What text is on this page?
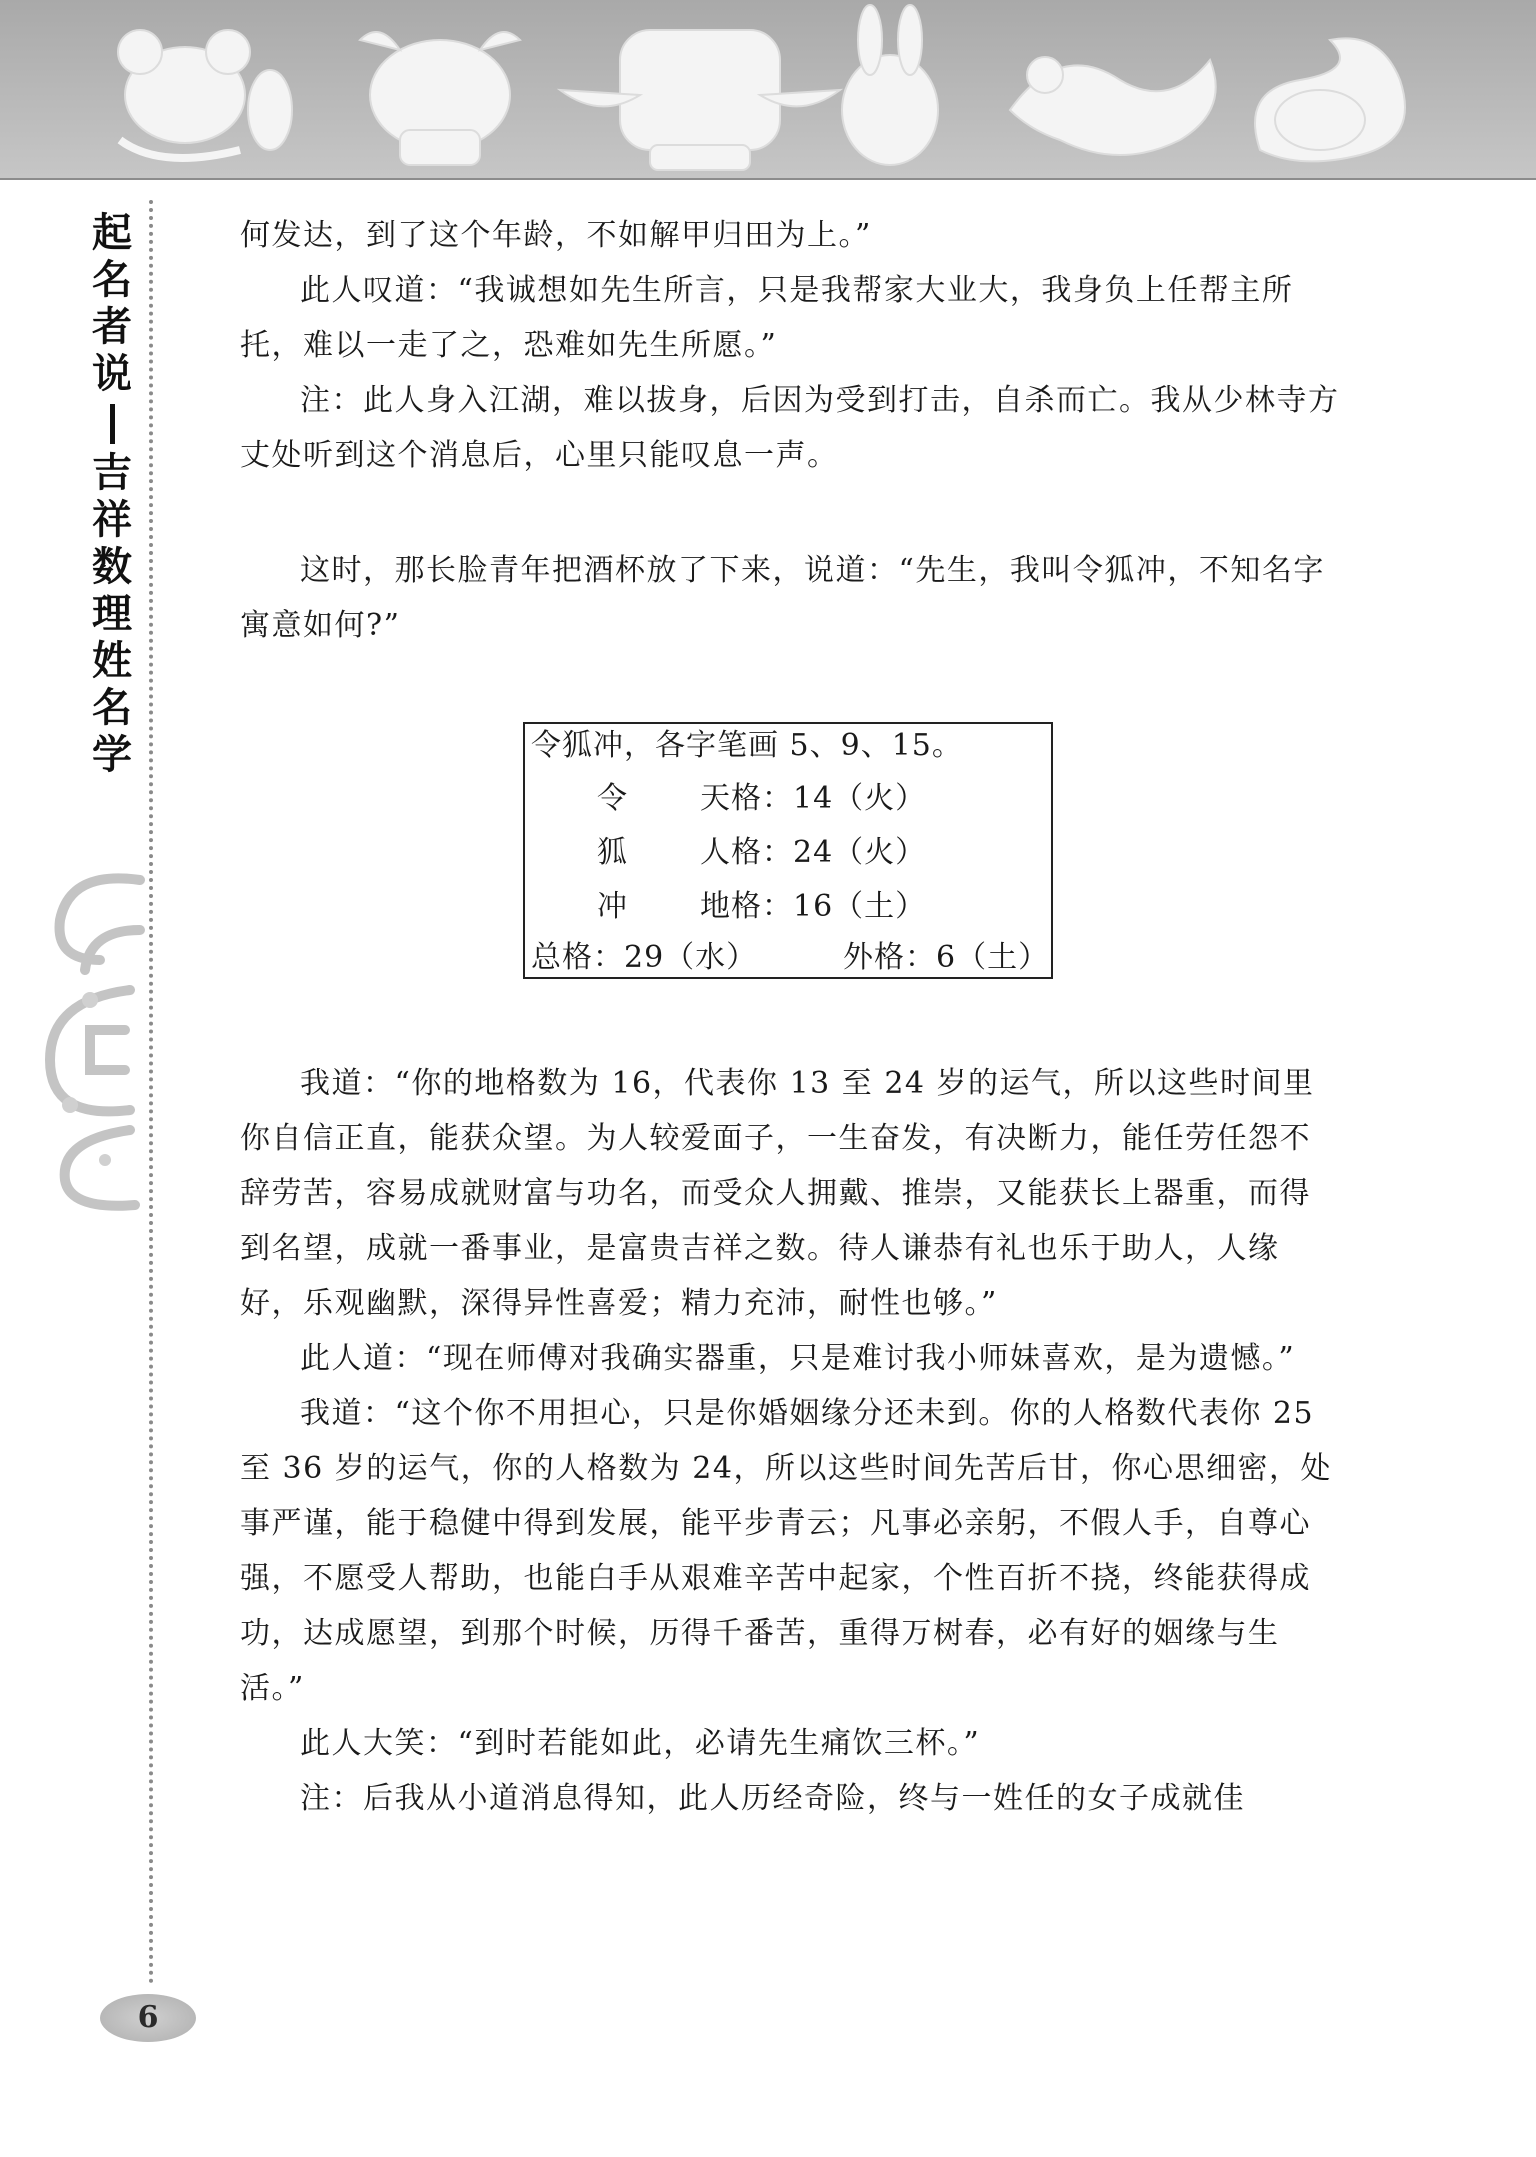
起
名
者
说
吉
祥
数
理
姓
名
学

何发达，到了这个年龄，不如解甲归田为上。”

此人叹道：“我诚想如先生所言，只是我帮家大业大，我身负上任帮主所托，难以一走了之，恐难如先生所愿。”

注：此人身入江湖，难以拔身，后因为受到打击，自杀而亡。我从少林寺方丈处听到这个消息后，心里只能叹息一声。

这时，那长脸青年把酒杯放了下来，说道：“先生，我叫令狐冲，不知名字寓意如何?”

令狐冲，各字笔画 5、9、15。
令 天格：14（火）
狐 人格：24（火）
冲 地格：16（土）
总格：29（水）	外格：6（土）

我道：“你的地格数为 16，代表你 13 至 24 岁的运气，所以这些时间里你自信正直，能获众望。为人较爱面子，一生奋发，有决断力，能任劳任怨不辞劳苦，容易成就财富与功名，而受众人拥戴、推崇，又能获长上器重，而得到名望，成就一番事业，是富贵吉祥之数。待人谦恭有礼也乐于助人，人缘好，乐观幽默，深得异性喜爱；精力充沛，耐性也够。”

此人道：“现在师傅对我确实器重，只是难讨我小师妹喜欢，是为遗憾。”

我道：“这个你不用担心，只是你婚姻缘分还未到。你的人格数代表你 25 至 36 岁的运气，你的人格数为 24，所以这些时间先苦后甘，你心思细密，处事严谨，能于稳健中得到发展，能平步青云；凡事必亲躬，不假人手，自尊心强，不愿受人帮助，也能白手从艰难辛苦中起家，个性百折不挠，终能获得成功，达成愿望，到那个时候，历得千番苦，重得万树春，必有好的姻缘与生活。”

此人大笑：“到时若能如此，必请先生痛饮三杯。”

注：后我从小道消息得知，此人历经奇险，终与一姓任的女子成就佳

6
